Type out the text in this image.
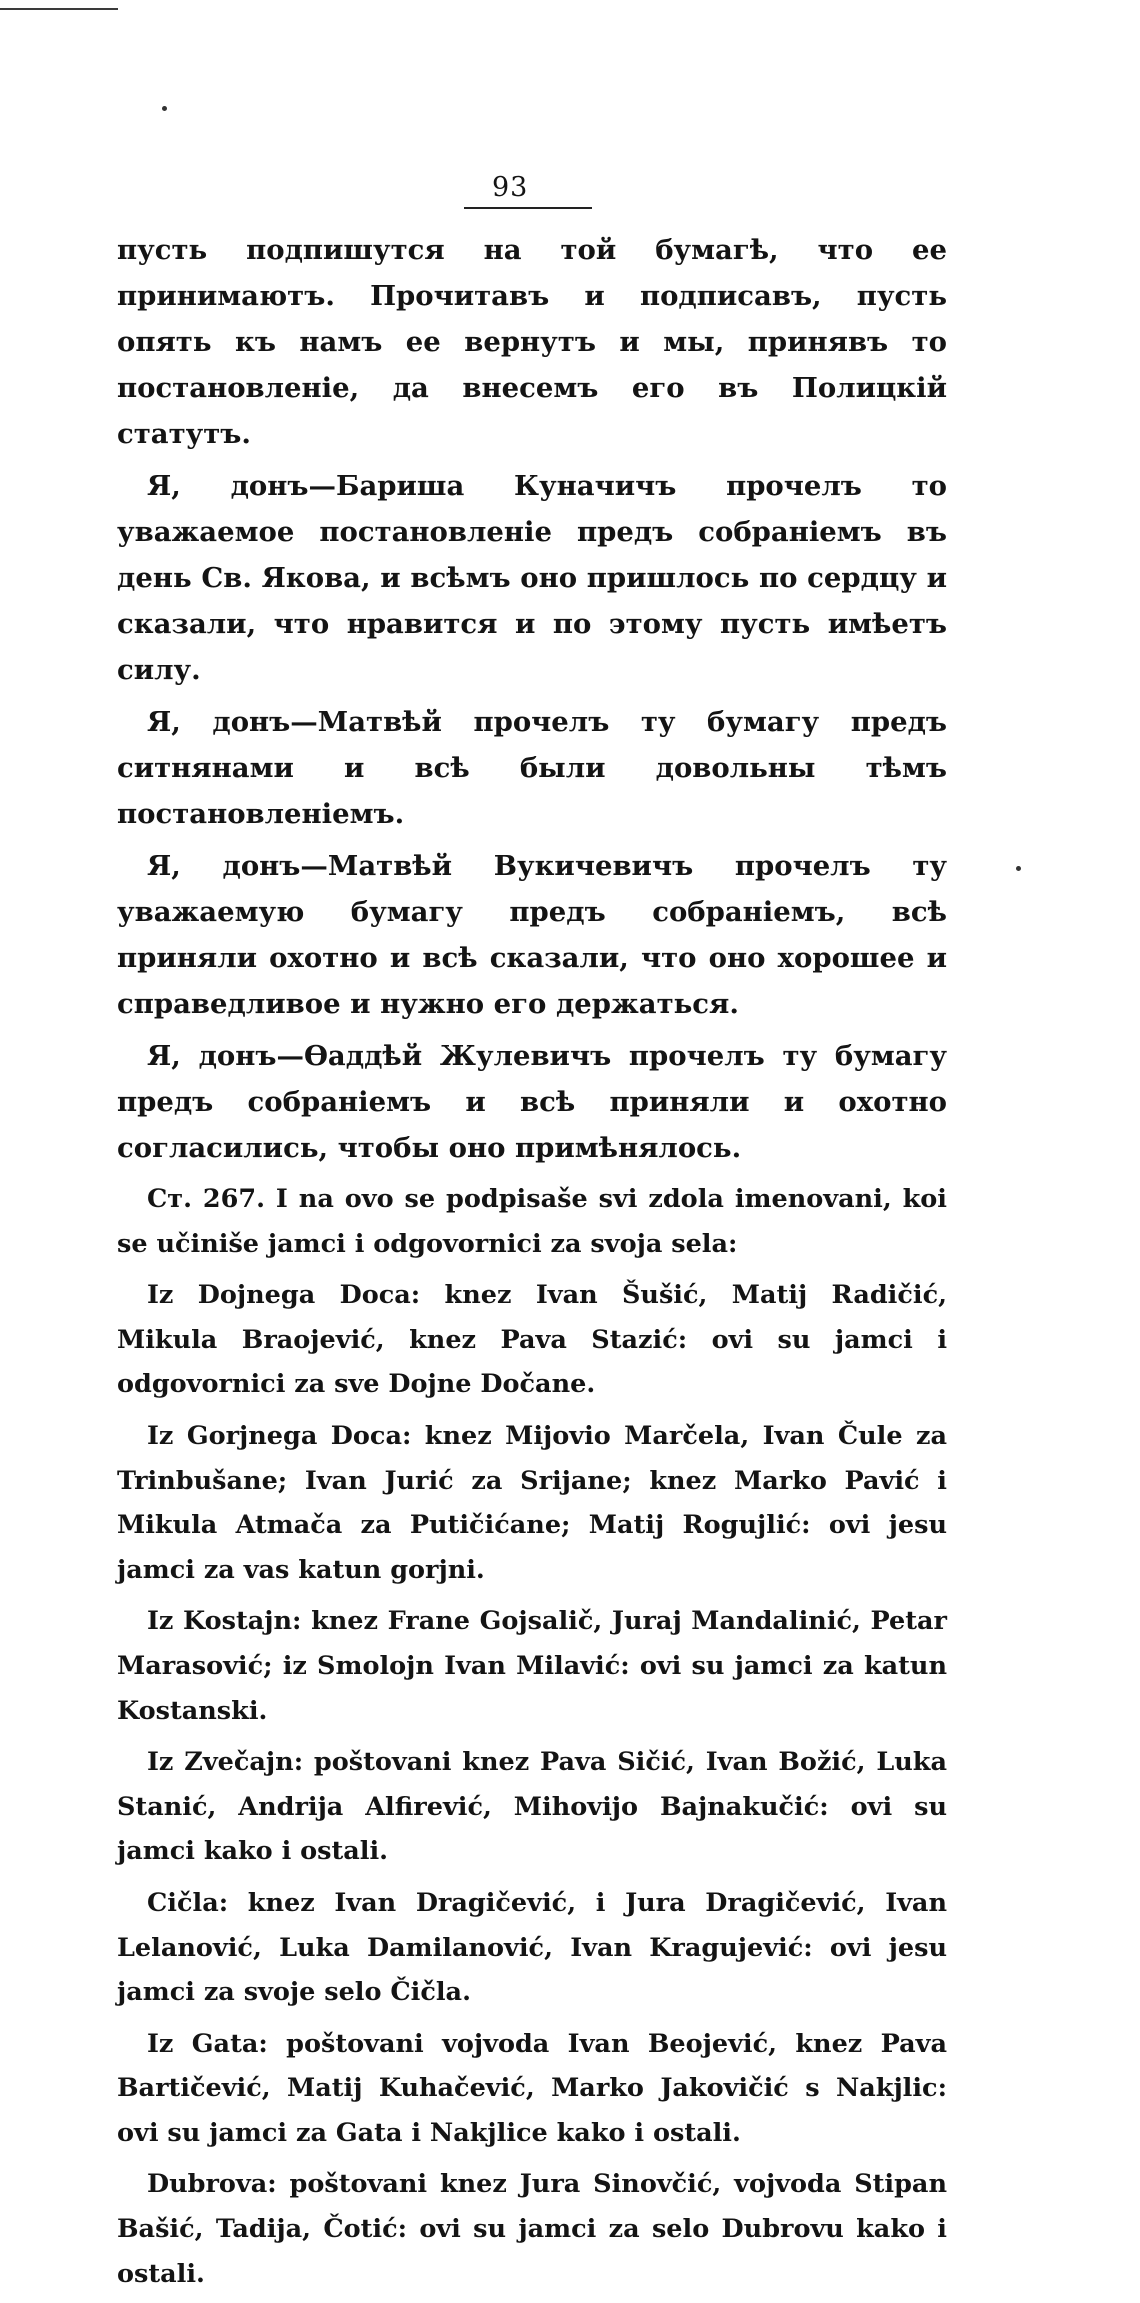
93

пусть подпишутся на той бумагѣ, что ее принимаютъ. Прочитавъ и подписавъ, пусть опять къ намъ ее вернутъ и мы, принявъ то постановленіе, да внесемъ его въ Полицкій статутъ.

Я, донъ—Бариша Куначичъ прочелъ то уважаемое постановленіе предъ собраніемъ въ день Св. Якова, и всѣмъ оно пришлось по сердцу и сказали, что нравится и по этому пусть имѣетъ силу.

Я, донъ—Матвѣй прочелъ ту бумагу предъ ситнянами и всѣ были довольны тѣмъ постановленіемъ.

Я, донъ—Матвѣй Вукичевичъ прочелъ ту уважаемую бумагу предъ собраніемъ, всѣ приняли охотно и всѣ сказали, что оно хорошее и справедливое и нужно его держаться.

Я, донъ—Ѳаддѣй Жулевичъ прочелъ ту бумагу предъ собраніемъ и всѣ приняли и охотно согласились, чтобы оно примѣнялось.

Ст. 267. I na ovo se podpisaše svi zdola imenovani, koi se učiniše jamci i odgovornici za svoja sela:

Iz Dojnega Doca: knez Ivan Šušić, Matij Radičić, Mikula Braojević, knez Pava Stazić: ovi su jamci i odgovornici za sve Dojne Dočane.

Iz Gorjnega Doca: knez Mijovio Marčela, Ivan Čule za Trinbušane; Ivan Jurić za Srijane; knez Marko Pavić i Mikula Atmača za Putičićane; Matij Rogujlić: ovi jesu jamci za vas katun gorjni.

Iz Kostajn: knez Frane Gojsalič, Juraj Mandalinić, Petar Marasović; iz Smolojn Ivan Milavić: ovi su jamci za katun Kostanski.

Iz Zvečajn: poštovani knez Pava Sičić, Ivan Božić, Luka Stanić, Andrija Alfirević, Mihovijo Bajnakučić: ovi su jamci kako i ostali.

Cičla: knez Ivan Dragičević, i Jura Dragičević, Ivan Lelanović, Luka Damilanović, Ivan Kragujević: ovi jesu jamci za svoje selo Čičla.

Iz Gata: poštovani vojvoda Ivan Beojević, knez Pava Bartičević, Matij Kuhačević, Marko Jakovičić s Nakjlic: ovi su jamci za Gata i Nakjlice kako i ostali.

Dubrova: poštovani knez Jura Sinovčić, vojvoda Stipan Bašić, Tadija, Čotić: ovi su jamci za selo Dubrovu kako i ostali.
